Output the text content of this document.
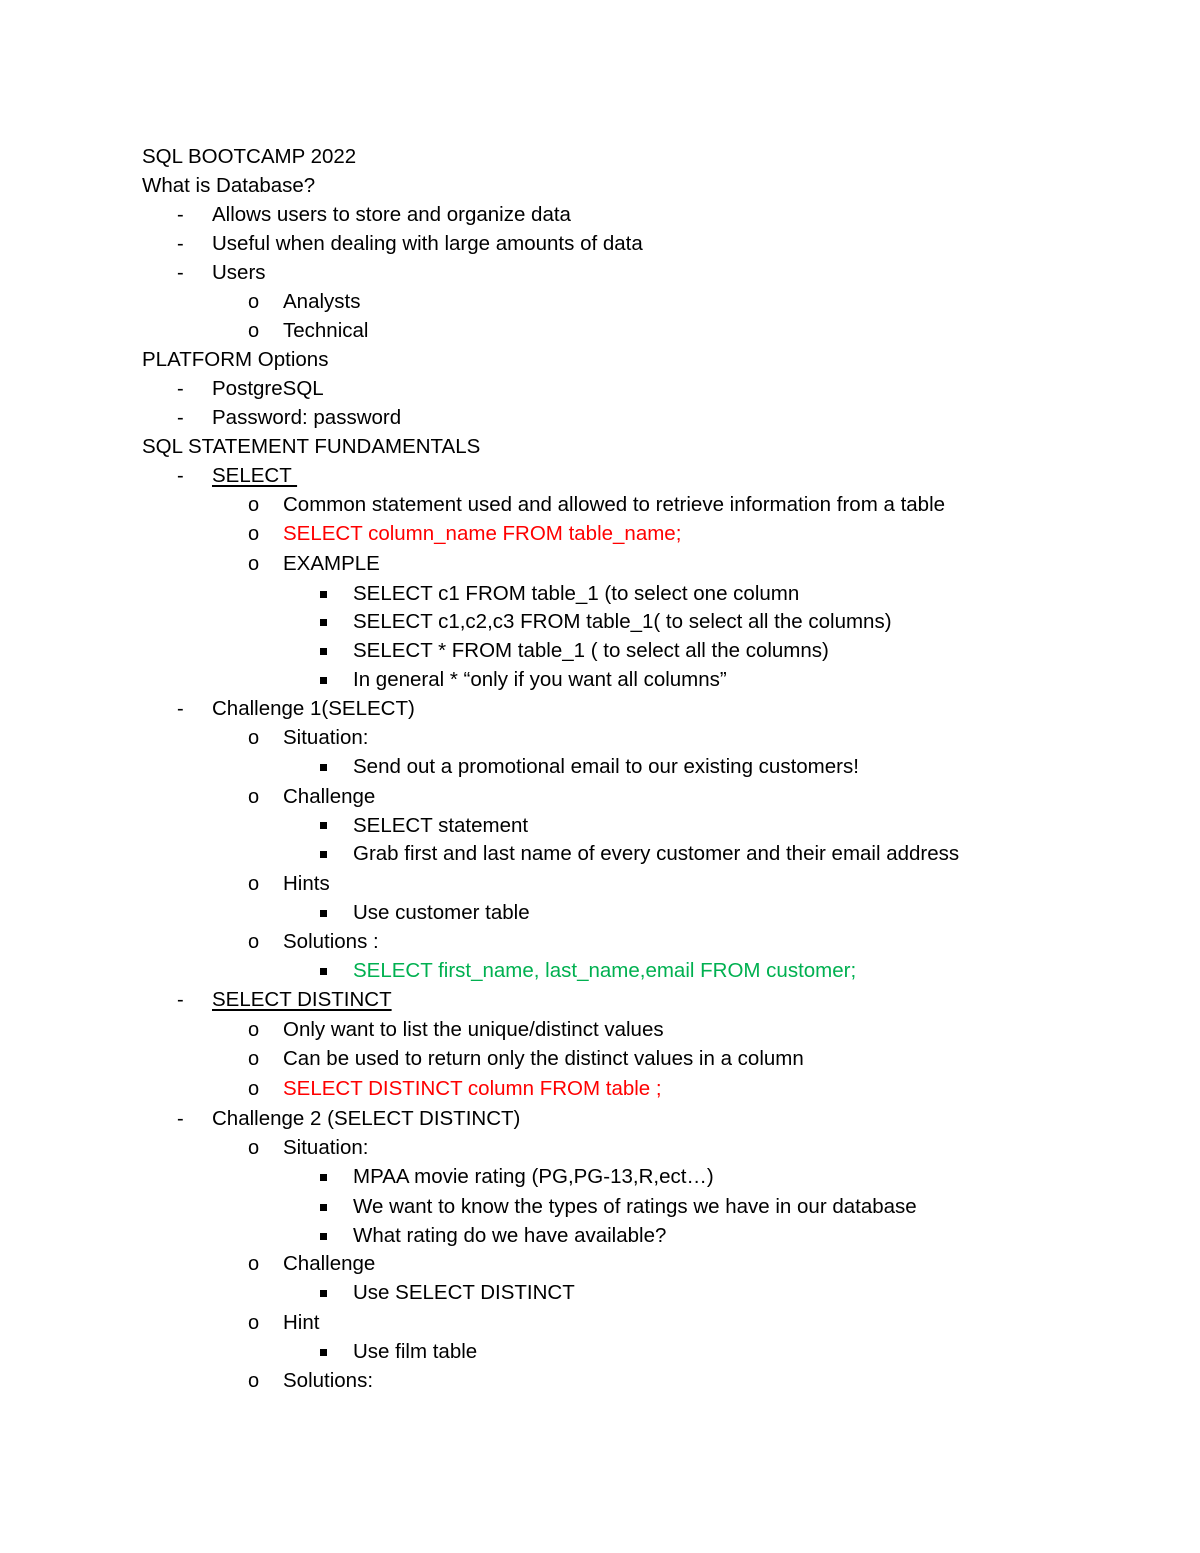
SQL BOOTCAMP 2022

What is Database?

- Allows users to store and organize data

- Useful when dealing with large amounts of data

- Users

o Analysts

o Technical

PLATFORM Options

- PostgreSQL

- Password: password

SQL STATEMENT FUNDAMENTALS

- SELECT

o Common statement used and allowed to retrieve information from a table

o SELECT column_name FROM table_name;

o EXAMPLE

SELECT c1 FROM table_1 (to select one column

SELECT c1,c2,c3 FROM table_1( to select all the columns)

SELECT * FROM table_1 ( to select all the columns)

In general * “only if you want all columns”

- Challenge 1(SELECT)

o Situation:

Send out a promotional email to our existing customers!

o Challenge

SELECT statement

Grab first and last name of every customer and their email address

o Hints

Use customer table

o Solutions :

SELECT first_name, last_name,email FROM customer;

- SELECT DISTINCT

o Only want to list the unique/distinct values

o Can be used to return only the distinct values in a column

o SELECT DISTINCT column FROM table ;

- Challenge 2 (SELECT DISTINCT)

o Situation:

MPAA movie rating (PG,PG-13,R,ect…)

We want to know the types of ratings we have in our database

What rating do we have available?

o Challenge

Use SELECT DISTINCT

o Hint

Use film table

o Solutions:
